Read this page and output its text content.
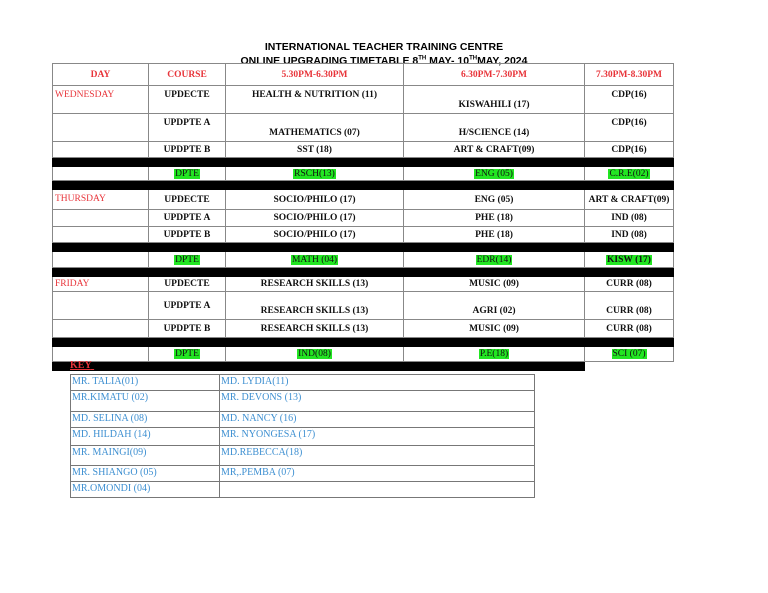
INTERNATIONAL TEACHER TRAINING CENTRE
ONLINE UPGRADING TIMETABLE 8TH MAY- 10THMAY, 2024
DAY	COURSE	5.30PM-6.30PM	6.30PM-7.30PM	7.30PM-8.30PM
WEDNESDAY	UPDECTE	HEALTH & NUTRITION (11)	KISWAHILI (17)	CDP(16)
	UPDPTE A	MATHEMATICS (07)	H/SCIENCE (14)	CDP(16)
	UPDPTE B	SST (18)	ART & CRAFT(09)	CDP(16)

	DPTE	RSCH(13)	ENG (05)	C.R.E(02)

THURSDAY	UPDECTE	SOCIO/PHILO (17)	ENG (05)	ART & CRAFT(09)
	UPDPTE A	SOCIO/PHILO (17)	PHE (18)	IND (08)
	UPDPTE B	SOCIO/PHILO (17)	PHE (18)	IND (08)

	DPTE	MATH (04)	EDR(14)	KISW (17)

FRIDAY	UPDECTE	RESEARCH SKILLS (13)	MUSIC (09)	CURR (08)
	UPDPTE A	RESEARCH SKILLS (13)	AGRI (02)	CURR (08)
	UPDPTE B	RESEARCH SKILLS (13)	MUSIC (09)	CURR (08)

	DPTE	IND(08)	P.E(18)	SCI (07)

KEY:
MR. TALIA(01)	MD. LYDIA(11)
MR.KIMATU (02)	MR. DEVONS (13)
MD. SELINA (08)	MD. NANCY (16)
MD. HILDAH (14)	MR. NYONGESA (17)
MR. MAINGI(09)	MD.REBECCA(18)
MR. SHIANGO (05)	MR,.PEMBA (07)
MR.OMONDI (04)	
